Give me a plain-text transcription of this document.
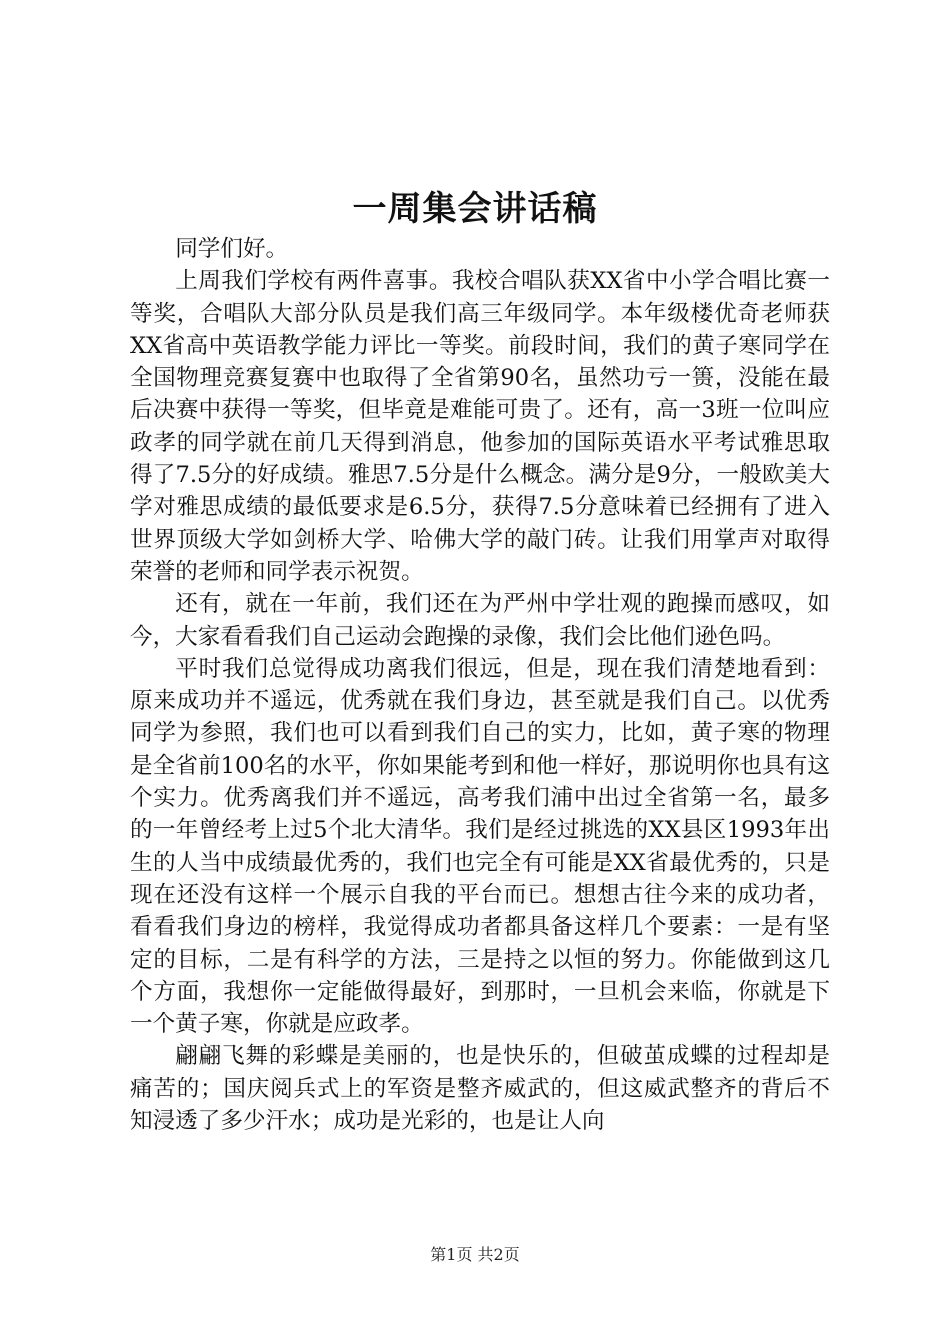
一周集会讲话稿

同学们好。

上周我们学校有两件喜事。我校合唱队获XX省中小学合唱比赛一等奖，合唱队大部分队员是我们高三年级同学。本年级楼优奇老师获XX省高中英语教学能力评比一等奖。前段时间，我们的黄子寒同学在全国物理竞赛复赛中也取得了全省第90名，虽然功亏一篑，没能在最后决赛中获得一等奖，但毕竟是难能可贵了。还有，高一3班一位叫应政孝的同学就在前几天得到消息，他参加的国际英语水平考试雅思取得了7.5分的好成绩。雅思7.5分是什么概念。满分是9分，一般欧美大学对雅思成绩的最低要求是6.5分，获得7.5分意味着已经拥有了进入世界顶级大学如剑桥大学、哈佛大学的敲门砖。让我们用掌声对取得荣誉的老师和同学表示祝贺。

还有，就在一年前，我们还在为严州中学壮观的跑操而感叹，如今，大家看看我们自己运动会跑操的录像，我们会比他们逊色吗。

平时我们总觉得成功离我们很远，但是，现在我们清楚地看到：原来成功并不遥远，优秀就在我们身边，甚至就是我们自己。以优秀同学为参照，我们也可以看到我们自己的实力，比如，黄子寒的物理是全省前100名的水平，你如果能考到和他一样好，那说明你也具有这个实力。优秀离我们并不遥远，高考我们浦中出过全省第一名，最多的一年曾经考上过5个北大清华。我们是经过挑选的XX县区1993年出生的人当中成绩最优秀的，我们也完全有可能是XX省最优秀的，只是现在还没有这样一个展示自我的平台而已。想想古往今来的成功者，看看我们身边的榜样，我觉得成功者都具备这样几个要素：一是有坚定的目标，二是有科学的方法，三是持之以恒的努力。你能做到这几个方面，我想你一定能做得最好，到那时，一旦机会来临，你就是下一个黄子寒，你就是应政孝。

翩翩飞舞的彩蝶是美丽的，也是快乐的，但破茧成蝶的过程却是痛苦的；国庆阅兵式上的军资是整齐威武的，但这威武整齐的背后不知浸透了多少汗水；成功是光彩的，也是让人向

第1页 共2页
